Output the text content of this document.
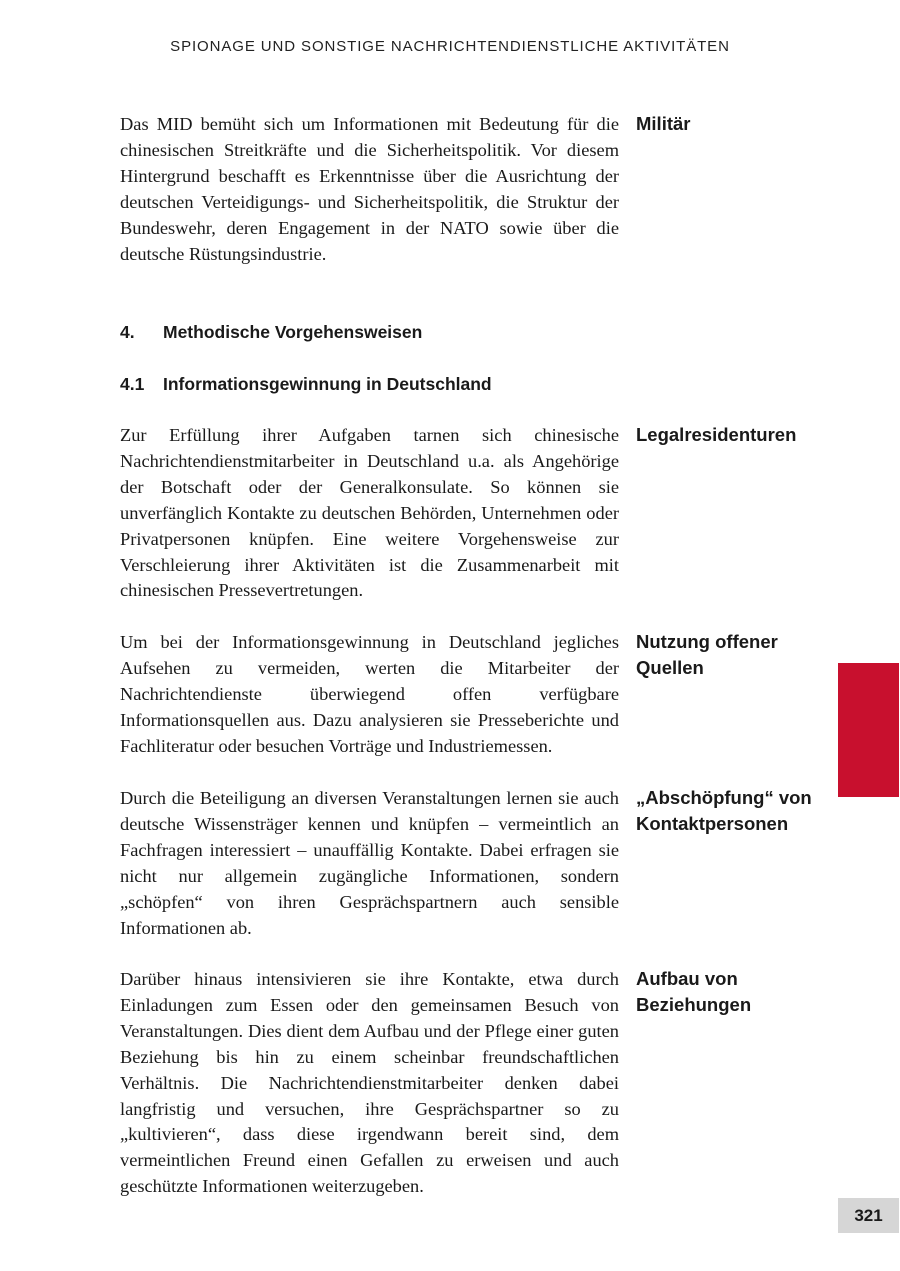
SPIONAGE UND SONSTIGE NACHRICHTENDIENSTLICHE AKTIVITÄTEN

Das MID bemüht sich um Informationen mit Bedeutung für die chinesischen Streitkräfte und die Sicherheitspolitik. Vor diesem Hintergrund beschafft es Erkenntnisse über die Ausrichtung der deutschen Verteidigungs- und Sicherheitspolitik, die Struktur der Bundeswehr, deren Engagement in der NATO sowie über die deutsche Rüstungsindustrie.

Militär

4. Methodische Vorgehensweisen
4.1 Informationsgewinnung in Deutschland

Zur Erfüllung ihrer Aufgaben tarnen sich chinesische Nachrichtendienstmitarbeiter in Deutschland u.a. als Angehörige der Botschaft oder der Generalkonsulate. So können sie unverfänglich Kontakte zu deutschen Behörden, Unternehmen oder Privatpersonen knüpfen. Eine weitere Vorgehensweise zur Verschleierung ihrer Aktivitäten ist die Zusammenarbeit mit chinesischen Pressevertretungen.

Legalresidenturen

Um bei der Informationsgewinnung in Deutschland jegliches Aufsehen zu vermeiden, werten die Mitarbeiter der Nachrichtendienste überwiegend offen verfügbare Informationsquellen aus. Dazu analysieren sie Presseberichte und Fachliteratur oder besuchen Vorträge und Industriemessen.

Nutzung offener Quellen

Durch die Beteiligung an diversen Veranstaltungen lernen sie auch deutsche Wissensträger kennen und knüpfen – vermeintlich an Fachfragen interessiert – unauffällig Kontakte. Dabei erfragen sie nicht nur allgemein zugängliche Informationen, sondern „schöpfen“ von ihren Gesprächspartnern auch sensible Informationen ab.

„Abschöpfung“ von Kontaktpersonen

Darüber hinaus intensivieren sie ihre Kontakte, etwa durch Einladungen zum Essen oder den gemeinsamen Besuch von Veranstaltungen. Dies dient dem Aufbau und der Pflege einer guten Beziehung bis hin zu einem scheinbar freundschaftlichen Verhältnis. Die Nachrichtendienstmitarbeiter denken dabei langfristig und versuchen, ihre Gesprächspartner so zu „kultivieren“, dass diese irgendwann bereit sind, dem vermeintlichen Freund einen Gefallen zu erweisen und auch geschützte Informationen weiterzugeben.

Aufbau von Beziehungen

321
